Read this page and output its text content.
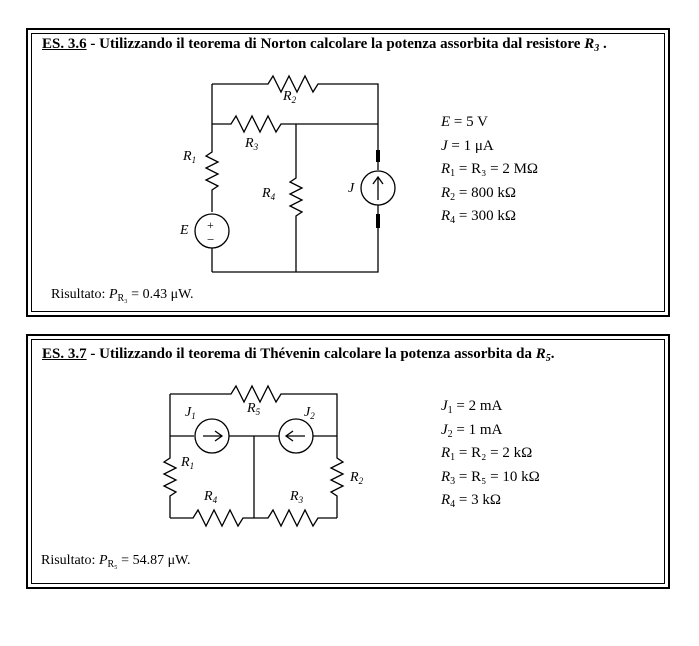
ES. 3.6 - Utilizzando il teorema di Norton calcolare la potenza assorbita dal resistore $R_3$ .
+
−
$R_2$
$R_3$
$R_1$
$R_4$
E
J
E = 5 V
J = 1 μA
$R_1 = R_3 = 2$ MΩ
$R_2 = 800$ kΩ
$R_4 = 300$ kΩ
Risultato: $P_{R_3} = 0.43$ μW.
ES. 3.7 - Utilizzando il teorema di Thévenin calcolare la potenza assorbita da $R_5$.
$J_1$	$R_5$	$J_2$
$R_1$
$R_2$
$R_4$	$R_3$
$J_1 = 2$ mA
$J_2 = 1$ mA
$R_1 = R_2 = 2$ kΩ
$R_3 = R_5 = 10$ kΩ
$R_4 = 3$ kΩ
Risultato: $P_{R_5} = 54.87$ μW.
